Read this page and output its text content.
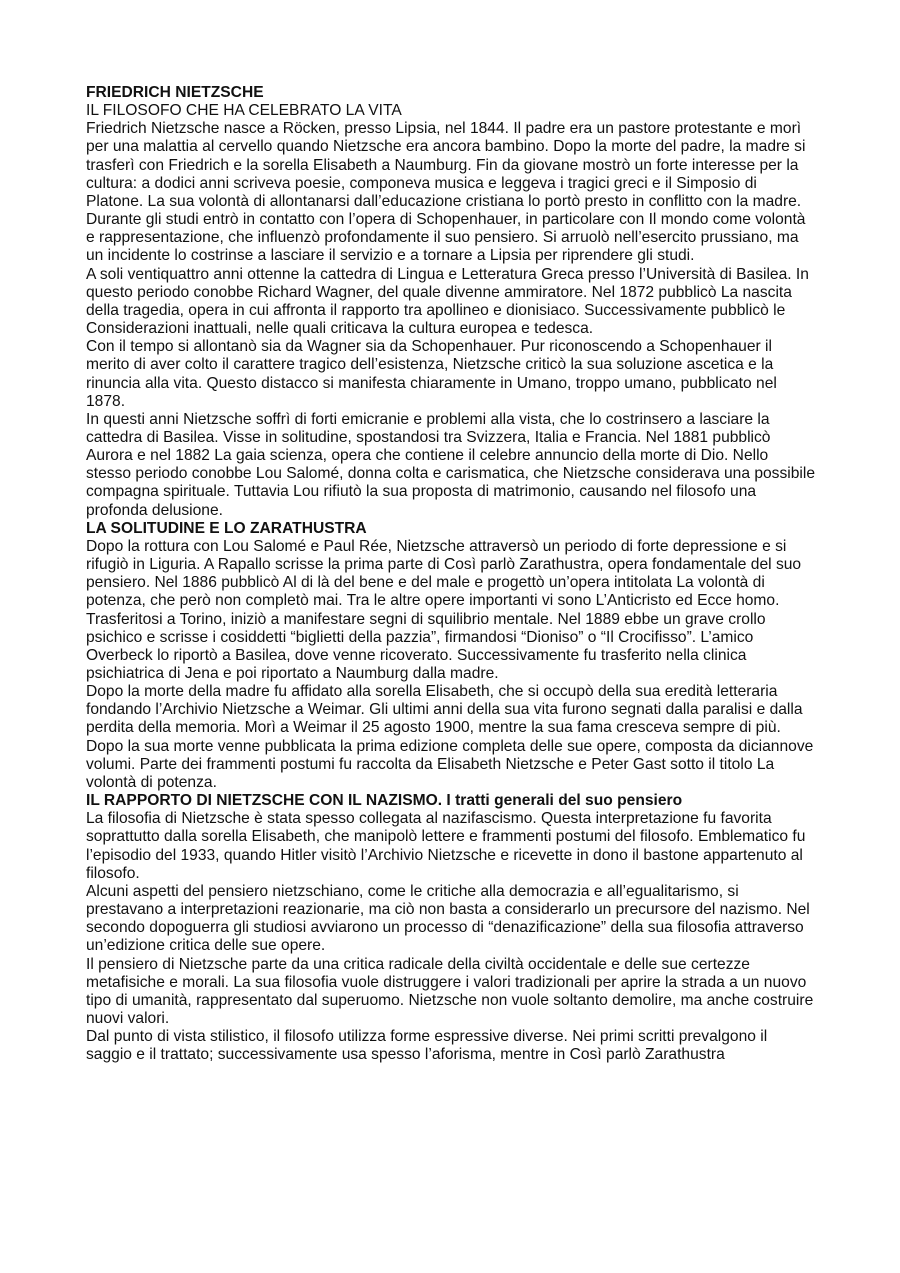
FRIEDRICH NIETZSCHE

IL FILOSOFO CHE HA CELEBRATO LA VITA

Friedrich Nietzsche nasce a Röcken, presso Lipsia, nel 1844. Il padre era un pastore protestante e morì per una malattia al cervello quando Nietzsche era ancora bambino. Dopo la morte del padre, la madre si trasferì con Friedrich e la sorella Elisabeth a Naumburg. Fin da giovane mostrò un forte interesse per la cultura: a dodici anni scriveva poesie, componeva musica e leggeva i tragici greci e il Simposio di Platone. La sua volontà di allontanarsi dall’educazione cristiana lo portò presto in conflitto con la madre.

Durante gli studi entrò in contatto con l’opera di Schopenhauer, in particolare con Il mondo come volontà e rappresentazione, che influenzò profondamente il suo pensiero. Si arruolò nell’esercito prussiano, ma un incidente lo costrinse a lasciare il servizio e a tornare a Lipsia per riprendere gli studi.

A soli ventiquattro anni ottenne la cattedra di Lingua e Letteratura Greca presso l’Università di Basilea. In questo periodo conobbe Richard Wagner, del quale divenne ammiratore. Nel 1872 pubblicò La nascita della tragedia, opera in cui affronta il rapporto tra apollineo e dionisiaco. Successivamente pubblicò le Considerazioni inattuali, nelle quali criticava la cultura europea e tedesca.

Con il tempo si allontanò sia da Wagner sia da Schopenhauer. Pur riconoscendo a Schopenhauer il merito di aver colto il carattere tragico dell’esistenza, Nietzsche criticò la sua soluzione ascetica e la rinuncia alla vita. Questo distacco si manifesta chiaramente in Umano, troppo umano, pubblicato nel 1878.

In questi anni Nietzsche soffrì di forti emicranie e problemi alla vista, che lo costrinsero a lasciare la cattedra di Basilea. Visse in solitudine, spostandosi tra Svizzera, Italia e Francia. Nel 1881 pubblicò Aurora e nel 1882 La gaia scienza, opera che contiene il celebre annuncio della morte di Dio. Nello stesso periodo conobbe Lou Salomé, donna colta e carismatica, che Nietzsche considerava una possibile compagna spirituale. Tuttavia Lou rifiutò la sua proposta di matrimonio, causando nel filosofo una profonda delusione.

LA SOLITUDINE E LO ZARATHUSTRA

Dopo la rottura con Lou Salomé e Paul Rée, Nietzsche attraversò un periodo di forte depressione e si rifugiò in Liguria. A Rapallo scrisse la prima parte di Così parlò Zarathustra, opera fondamentale del suo pensiero. Nel 1886 pubblicò Al di là del bene e del male e progettò un’opera intitolata La volontà di potenza, che però non completò mai. Tra le altre opere importanti vi sono L’Anticristo ed Ecce homo.

Trasferitosi a Torino, iniziò a manifestare segni di squilibrio mentale. Nel 1889 ebbe un grave crollo psichico e scrisse i cosiddetti “biglietti della pazzia”, firmandosi “Dioniso” o “Il Crocifisso”. L’amico Overbeck lo riportò a Basilea, dove venne ricoverato. Successivamente fu trasferito nella clinica psichiatrica di Jena e poi riportato a Naumburg dalla madre.

Dopo la morte della madre fu affidato alla sorella Elisabeth, che si occupò della sua eredità letteraria fondando l’Archivio Nietzsche a Weimar. Gli ultimi anni della sua vita furono segnati dalla paralisi e dalla perdita della memoria. Morì a Weimar il 25 agosto 1900, mentre la sua fama cresceva sempre di più.

Dopo la sua morte venne pubblicata la prima edizione completa delle sue opere, composta da diciannove volumi. Parte dei frammenti postumi fu raccolta da Elisabeth Nietzsche e Peter Gast sotto il titolo La volontà di potenza.

IL RAPPORTO DI NIETZSCHE CON IL NAZISMO. I tratti generali del suo pensiero

La filosofia di Nietzsche è stata spesso collegata al nazifascismo. Questa interpretazione fu favorita soprattutto dalla sorella Elisabeth, che manipolò lettere e frammenti postumi del filosofo. Emblematico fu l’episodio del 1933, quando Hitler visitò l’Archivio Nietzsche e ricevette in dono il bastone appartenuto al filosofo.

Alcuni aspetti del pensiero nietzschiano, come le critiche alla democrazia e all’egualitarismo, si prestavano a interpretazioni reazionarie, ma ciò non basta a considerarlo un precursore del nazismo. Nel secondo dopoguerra gli studiosi avviarono un processo di “denazificazione” della sua filosofia attraverso un’edizione critica delle sue opere.

Il pensiero di Nietzsche parte da una critica radicale della civiltà occidentale e delle sue certezze metafisiche e morali. La sua filosofia vuole distruggere i valori tradizionali per aprire la strada a un nuovo tipo di umanità, rappresentato dal superuomo. Nietzsche non vuole soltanto demolire, ma anche costruire nuovi valori.

Dal punto di vista stilistico, il filosofo utilizza forme espressive diverse. Nei primi scritti prevalgono il saggio e il trattato; successivamente usa spesso l’aforisma, mentre in Così parlò Zarathustra
